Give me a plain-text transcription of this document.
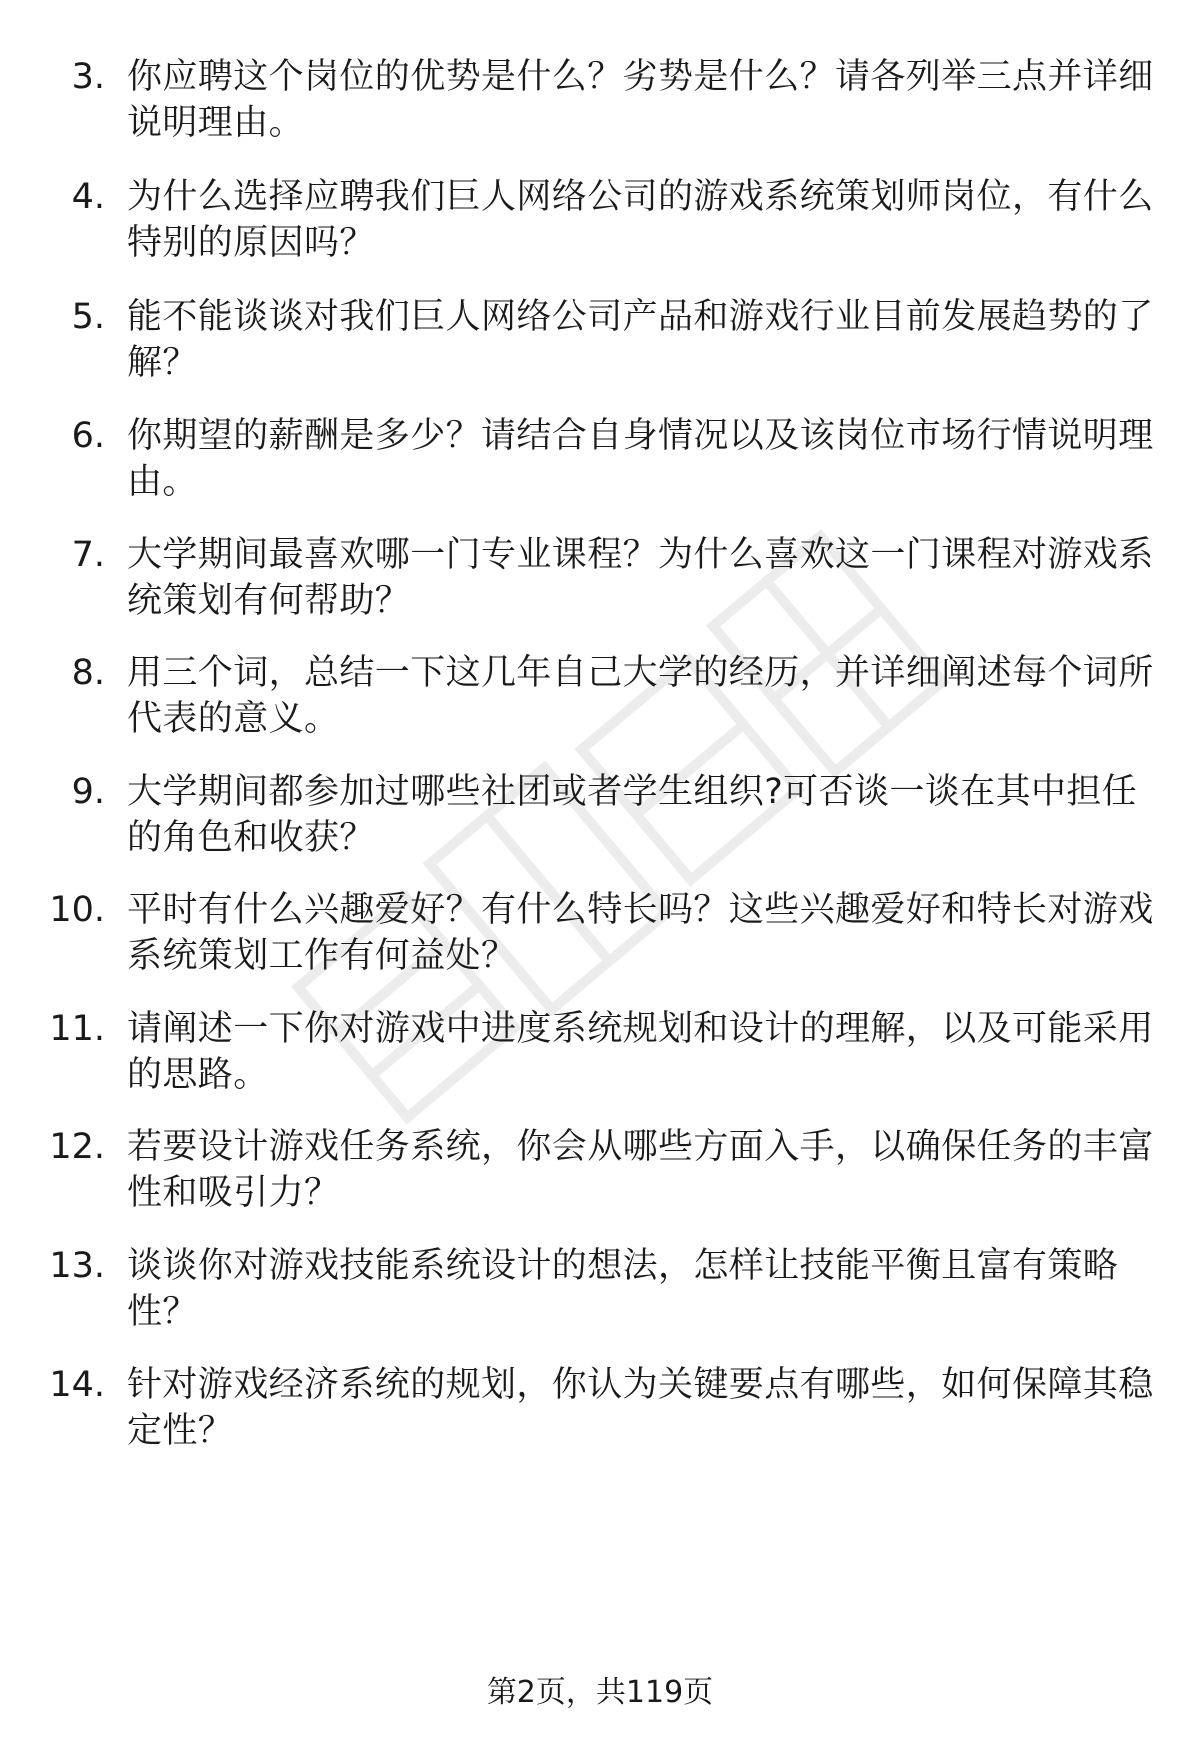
3. 你应聘这个岗位的优势是什么？劣势是什么？请各列举三点并详细说明理由。
4. 为什么选择应聘我们巨人网络公司的游戏系统策划师岗位，有什么特别的原因吗？
5. 能不能谈谈对我们巨人网络公司产品和游戏行业目前发展趋势的了解？
6. 你期望的薪酬是多少？请结合自身情况以及该岗位市场行情说明理由。
7. 大学期间最喜欢哪一门专业课程？为什么喜欢这一门课程对游戏系统策划有何帮助？
8. 用三个词，总结一下这几年自己大学的经历，并详细阐述每个词所代表的意义。
9. 大学期间都参加过哪些社团或者学生组织?可否谈一谈在其中担任的角色和收获？
10. 平时有什么兴趣爱好？有什么特长吗？这些兴趣爱好和特长对游戏系统策划工作有何益处？
11. 请阐述一下你对游戏中进度系统规划和设计的理解，以及可能采用的思路。
12. 若要设计游戏任务系统，你会从哪些方面入手，以确保任务的丰富性和吸引力？
13. 谈谈你对游戏技能系统设计的想法，怎样让技能平衡且富有策略性？
14. 针对游戏经济系统的规划，你认为关键要点有哪些，如何保障其稳定性？
第2页，共119页
